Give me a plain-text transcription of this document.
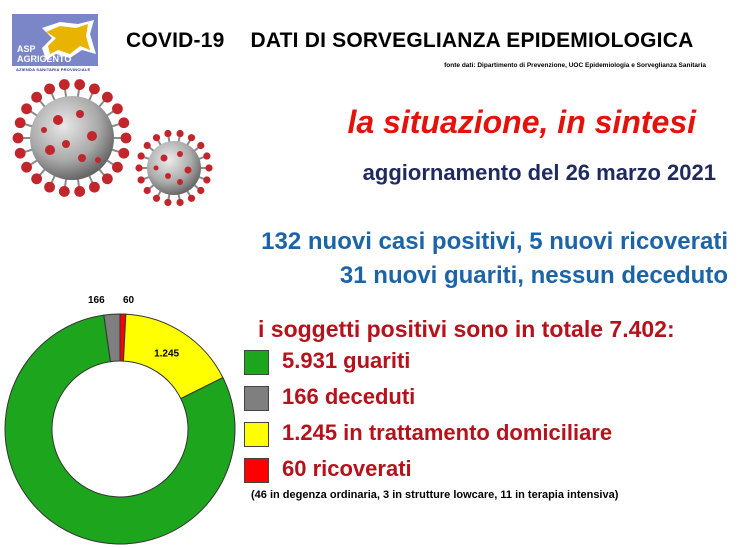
ASP
AGRIGENTO
AZIENDA SANITARIA PROVINCIALE
COVID-19 DATI DI SORVEGLIANZA EPIDEMIOLOGICA
fonte dati: Dipartimento di Prevenzione, UOC Epidemiologia e Sorveglianza Sanitaria
la situazione, in sintesi
aggiornamento del 26 marzo 2021
132 nuovi casi positivi, 5 nuovi ricoverati
31 nuovi guariti, nessun deceduto
i soggetti positivi sono in totale 7.402:
5.931 guariti
166 deceduti
1.245 in trattamento domiciliare
60 ricoverati
(46 in degenza ordinaria, 3 in strutture lowcare, 11 in terapia intensiva)
1.245
166 60
